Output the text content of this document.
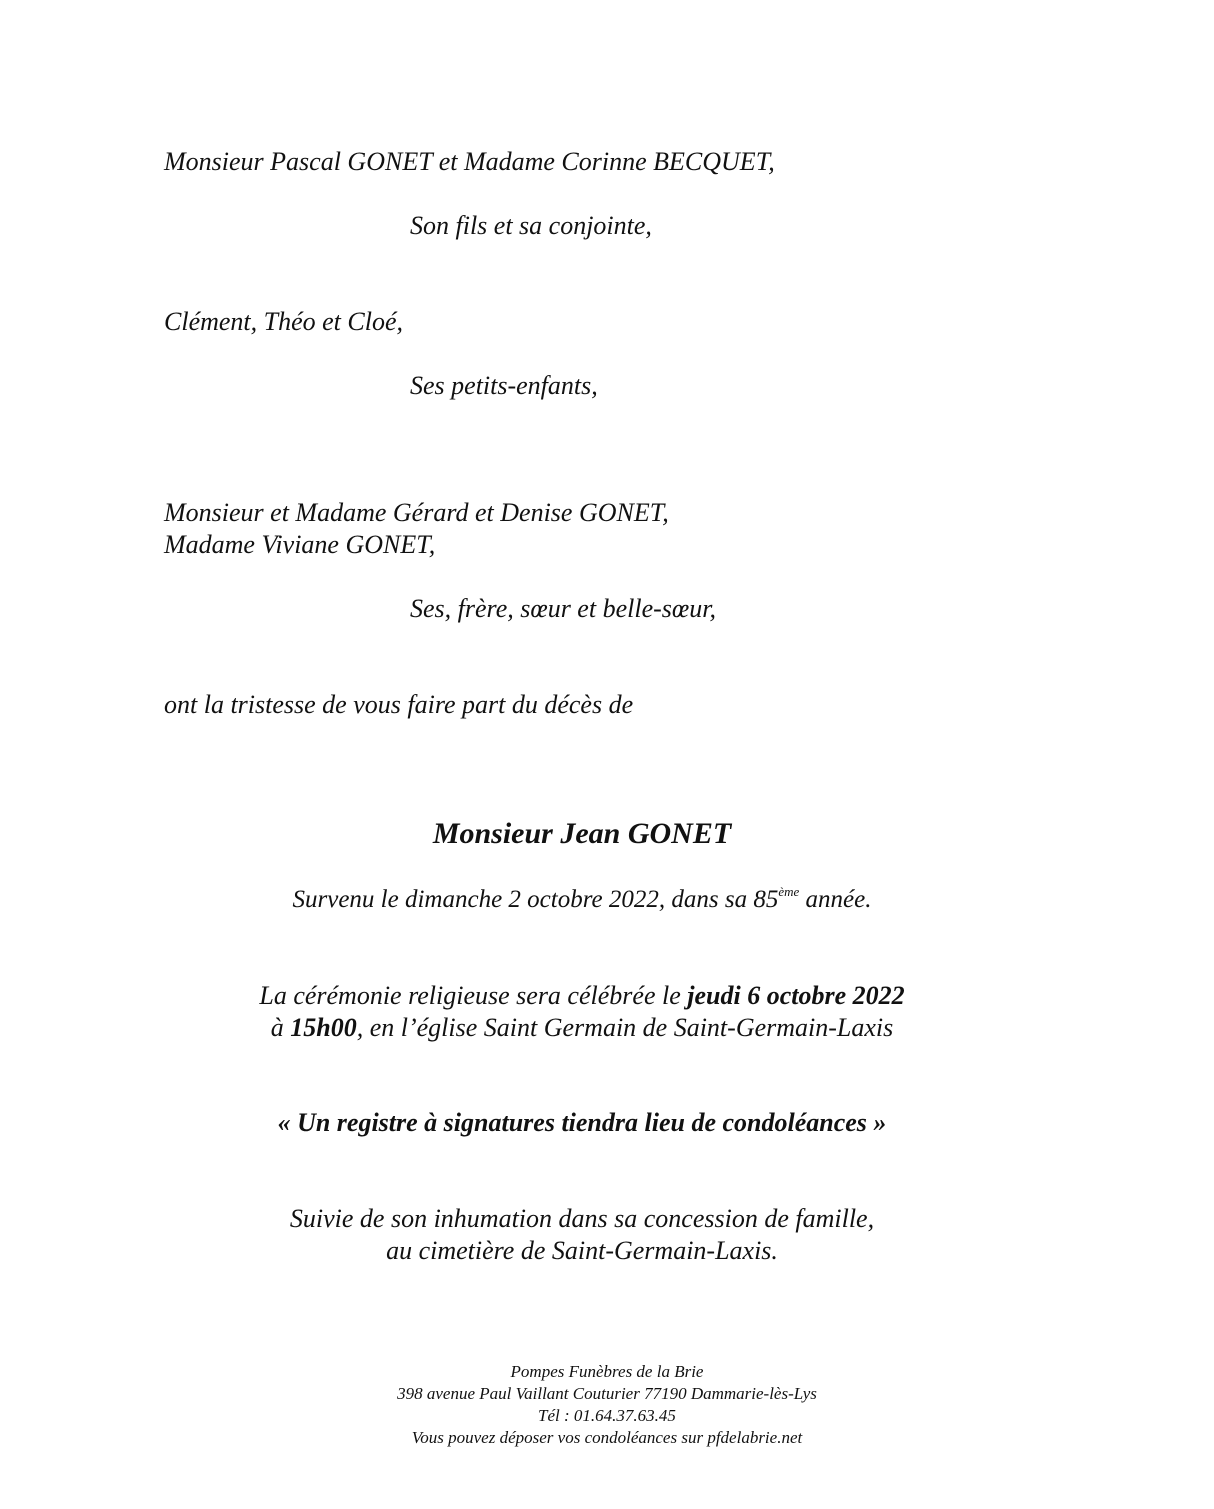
Monsieur Pascal GONET et Madame Corinne BECQUET,
Son fils et sa conjointe,
Clément, Théo et Cloé,
Ses petits-enfants,
Monsieur et Madame Gérard et Denise GONET,
Madame Viviane GONET,
Ses, frère, sœur et belle-sœur,
ont la tristesse de vous faire part du décès de
Monsieur Jean GONET
Survenu le dimanche 2 octobre 2022, dans sa 85ème année.
La cérémonie religieuse sera célébrée le jeudi 6 octobre 2022
à 15h00, en l’église Saint Germain de Saint-Germain-Laxis
« Un registre à signatures tiendra lieu de condoléances »
Suivie de son inhumation dans sa concession de famille,
au cimetière de Saint-Germain-Laxis.
Pompes Funèbres de la Brie
398 avenue Paul Vaillant Couturier 77190 Dammarie-lès-Lys
Tél : 01.64.37.63.45
Vous pouvez déposer vos condoléances sur pfdelabrie.net
